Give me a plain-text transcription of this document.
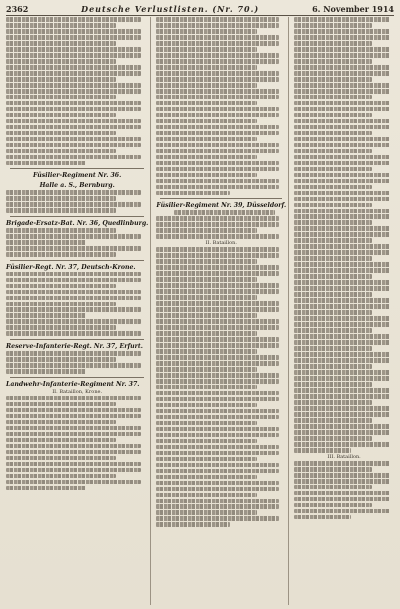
2362	Deutsche Verlustlisten. (Nr. 70.)	6. November 1914
Füsilier-Regiment Nr. 36.
Halle a. S., Bernburg.
Brigade-Ersatz-Bat. Nr. 36, Quedlinburg.
Füsilier-Regt. Nr. 37, Deutsch-Krone.
Reserve-Infanterie-Regt. Nr. 37, Erfurt.
Landwehr-Infanterie-Regiment Nr. 37.
II. Bataillon, Krone.
Füsilier-Regiment Nr. 39, Düsseldorf.
II. Bataillon.
III. Bataillon.
